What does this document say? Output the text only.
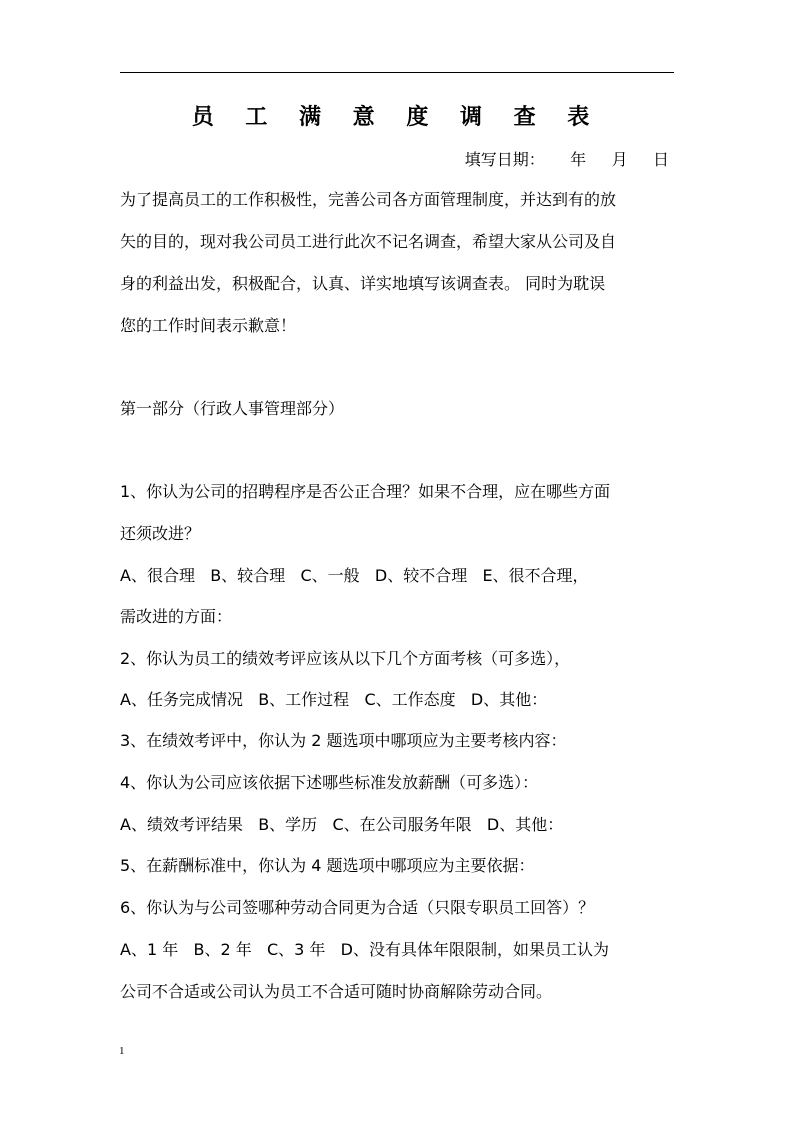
员 工 满 意 度 调 查 表
填写日期：     年     月     日
为了提高员工的工作积极性，完善公司各方面管理制度，并达到有的放
矢的目的，现对我公司员工进行此次不记名调查，希望大家从公司及自
身的利益出发，积极配合，认真、详实地填写该调查表。 同时为耽误
您的工作时间表示歉意！
第一部分（行政人事管理部分）
1、你认为公司的招聘程序是否公正合理？如果不合理，应在哪些方面
还须改进？
A、很合理   B、较合理   C、一般   D、较不合理   E、很不合理，
需改进的方面：
2、你认为员工的绩效考评应该从以下几个方面考核（可多选），
A、任务完成情况   B、工作过程   C、工作态度   D、其他：
3、在绩效考评中，你认为 2 题选项中哪项应为主要考核内容：
4、你认为公司应该依据下述哪些标准发放薪酬（可多选）：
A、绩效考评结果   B、学历   C、在公司服务年限   D、其他：
5、在薪酬标准中，你认为 4 题选项中哪项应为主要依据：
6、你认为与公司签哪种劳动合同更为合适（只限专职员工回答）？
A、1 年   B、2 年   C、3 年   D、没有具体年限限制，如果员工认为
公司不合适或公司认为员工不合适可随时协商解除劳动合同。
1
